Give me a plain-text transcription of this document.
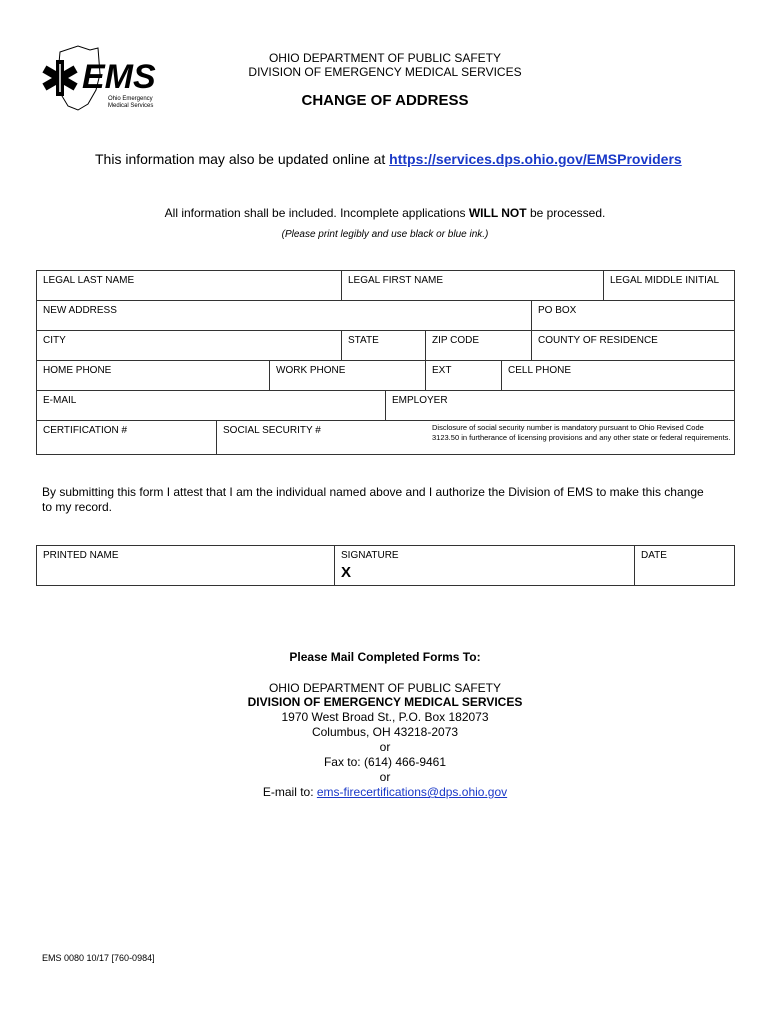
EMS
Ohio Emergency
Medical Services
OHIO DEPARTMENT OF PUBLIC SAFETY
DIVISION OF EMERGENCY MEDICAL SERVICES
CHANGE OF ADDRESS
This information may also be updated online at https://services.dps.ohio.gov/EMSProviders
All information shall be included. Incomplete applications WILL NOT be processed.
(Please print legibly and use black or blue ink.)
LEGAL LAST NAME	LEGAL FIRST NAME	LEGAL MIDDLE INITIAL
NEW ADDRESS	PO BOX
CITY	STATE	ZIP CODE	COUNTY OF RESIDENCE
HOME PHONE	WORK PHONE	EXT	CELL PHONE
E-MAIL	EMPLOYER
CERTIFICATION #	SOCIAL SECURITY #	Disclosure of social security number is mandatory pursuant to Ohio Revised Code 3123.50 in furtherance of licensing provisions and any other state or federal requirements.
By submitting this form I attest that I am the individual named above and I authorize the Division of EMS to make this change to my record.
PRINTED NAME	SIGNATURE	DATE
X
Please Mail Completed Forms To:
OHIO DEPARTMENT OF PUBLIC SAFETY
DIVISION OF EMERGENCY MEDICAL SERVICES
1970 West Broad St., P.O. Box 182073
Columbus, OH 43218-2073
or
Fax to: (614) 466-9461
or
E-mail to: ems-firecertifications@dps.ohio.gov
EMS 0080 10/17 [760-0984]
